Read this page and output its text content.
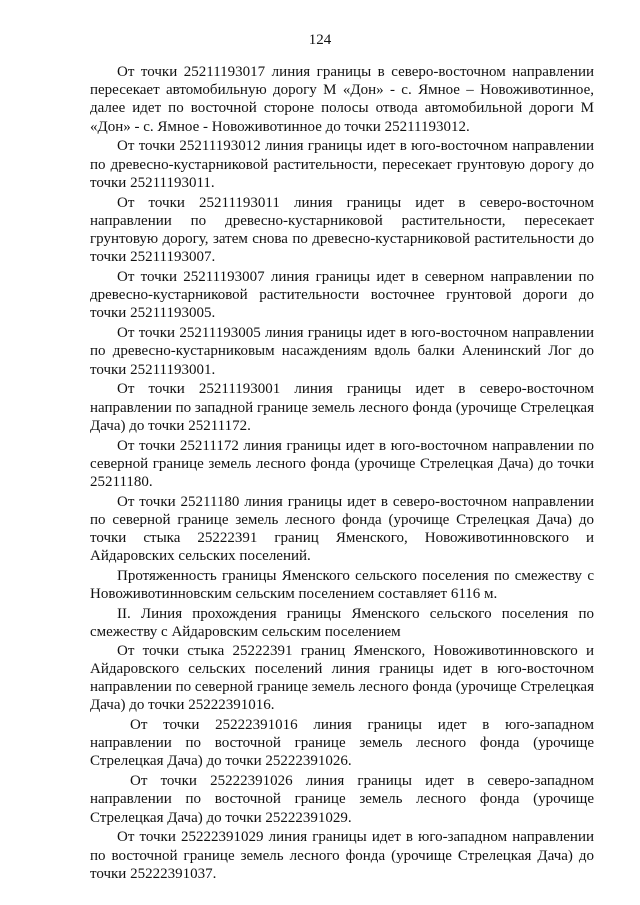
124

От точки 25211193017 линия границы в северо-восточном направлении пересекает автомобильную дорогу М «Дон» - с. Ямное – Новоживотинное, далее идет по восточной стороне полосы отвода автомобильной дороги М «Дон» - с. Ямное - Новоживотинное до точки 25211193012.

От точки 25211193012 линия границы идет в юго-восточном направлении по древесно-кустарниковой растительности, пересекает грунтовую дорогу до точки 25211193011.

От точки 25211193011 линия границы идет в северо-восточном направлении по древесно-кустарниковой растительности, пересекает грунтовую дорогу, затем снова по древесно-кустарниковой растительности до точки 25211193007.

От точки 25211193007 линия границы идет в северном направлении по древесно-кустарниковой растительности восточнее грунтовой дороги до точки 25211193005.

От точки 25211193005 линия границы идет в юго-восточном направлении по древесно-кустарниковым насаждениям вдоль балки Аленинский Лог до точки 25211193001.

От точки 25211193001 линия границы идет в северо-восточном направлении по западной границе земель лесного фонда (урочище Стрелецкая Дача) до точки 25211172.

От точки 25211172 линия границы идет в юго-восточном направлении по северной границе земель лесного фонда (урочище Стрелецкая Дача) до точки 25211180.

От точки 25211180 линия границы идет в северо-восточном направлении по северной границе земель лесного фонда (урочище Стрелецкая Дача) до точки стыка 25222391 границ Яменского, Новоживотинновского и Айдаровских сельских поселений.

Протяженность границы Яменского сельского поселения по смежеству с Новоживотинновским сельским поселением составляет 6116 м.

II. Линия прохождения границы Яменского сельского поселения по смежеству с Айдаровским сельским поселением

От точки стыка 25222391 границ Яменского, Новоживотинновского и Айдаровского сельских поселений линия границы идет в юго-восточном направлении по северной границе земель лесного фонда (урочище Стрелецкая Дача) до точки 25222391016.

От точки 25222391016 линия границы идет в юго-западном направлении по восточной границе земель лесного фонда (урочище Стрелецкая Дача) до точки 25222391026.

От точки 25222391026 линия границы идет в северо-западном направлении по восточной границе земель лесного фонда (урочище Стрелецкая Дача) до точки 25222391029.

От точки 25222391029 линия границы идет в юго-западном направлении по восточной границе земель лесного фонда (урочище Стрелецкая Дача) до точки 25222391037.
